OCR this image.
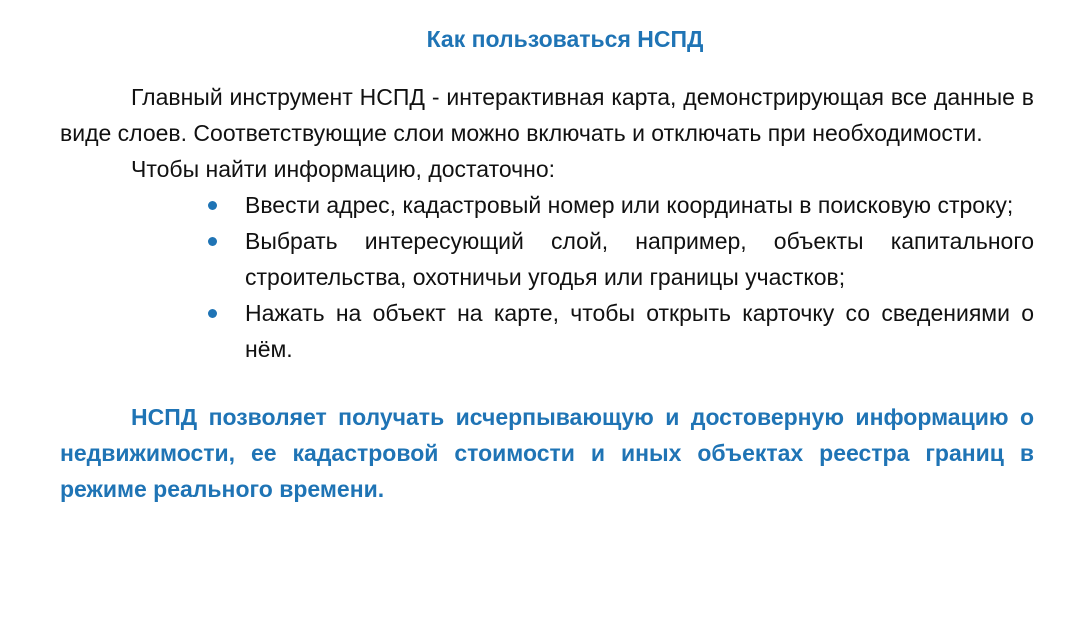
Как пользоваться НСПД

Главный инструмент НСПД - интерактивная карта, демонстрирующая все данные в виде слоев. Соответствующие слои можно включать и отключать при необходимости.

Чтобы найти информацию, достаточно:

Ввести адрес, кадастровый номер или координаты в поисковую строку;
Выбрать интересующий слой, например, объекты капитального строительства, охотничьи угодья или границы участков;
Нажать на объект на карте, чтобы открыть карточку со сведениями о нём.

НСПД позволяет получать исчерпывающую и достоверную информацию о недвижимости, ее кадастровой стоимости и иных объектах реестра границ в режиме реального времени.
